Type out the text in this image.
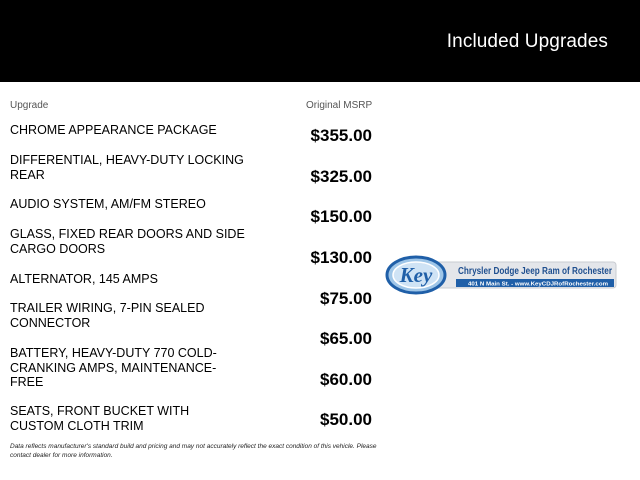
Included Upgrades
Upgrade	Original MSRP
CHROME APPEARANCE PACKAGE
DIFFERENTIAL, HEAVY-DUTY LOCKING REAR
AUDIO SYSTEM, AM/FM STEREO
GLASS, FIXED REAR DOORS AND SIDE CARGO DOORS
ALTERNATOR, 145 AMPS
TRAILER WIRING, 7-PIN SEALED CONNECTOR
BATTERY, HEAVY-DUTY 770 COLD-CRANKING AMPS, MAINTENANCE-FREE
SEATS, FRONT BUCKET WITH CUSTOM CLOTH TRIM
$355.00
$325.00
$150.00
$130.00
$75.00
$65.00
$60.00
$50.00
Data reflects manufacturer's standard build and pricing and may not accurately reflect the exact condition of this vehicle. Please contact dealer for more information.
Key	Chrysler Dodge Jeep Ram of Rochester
401 N Main St. - www.KeyCDJRofRochester.com
